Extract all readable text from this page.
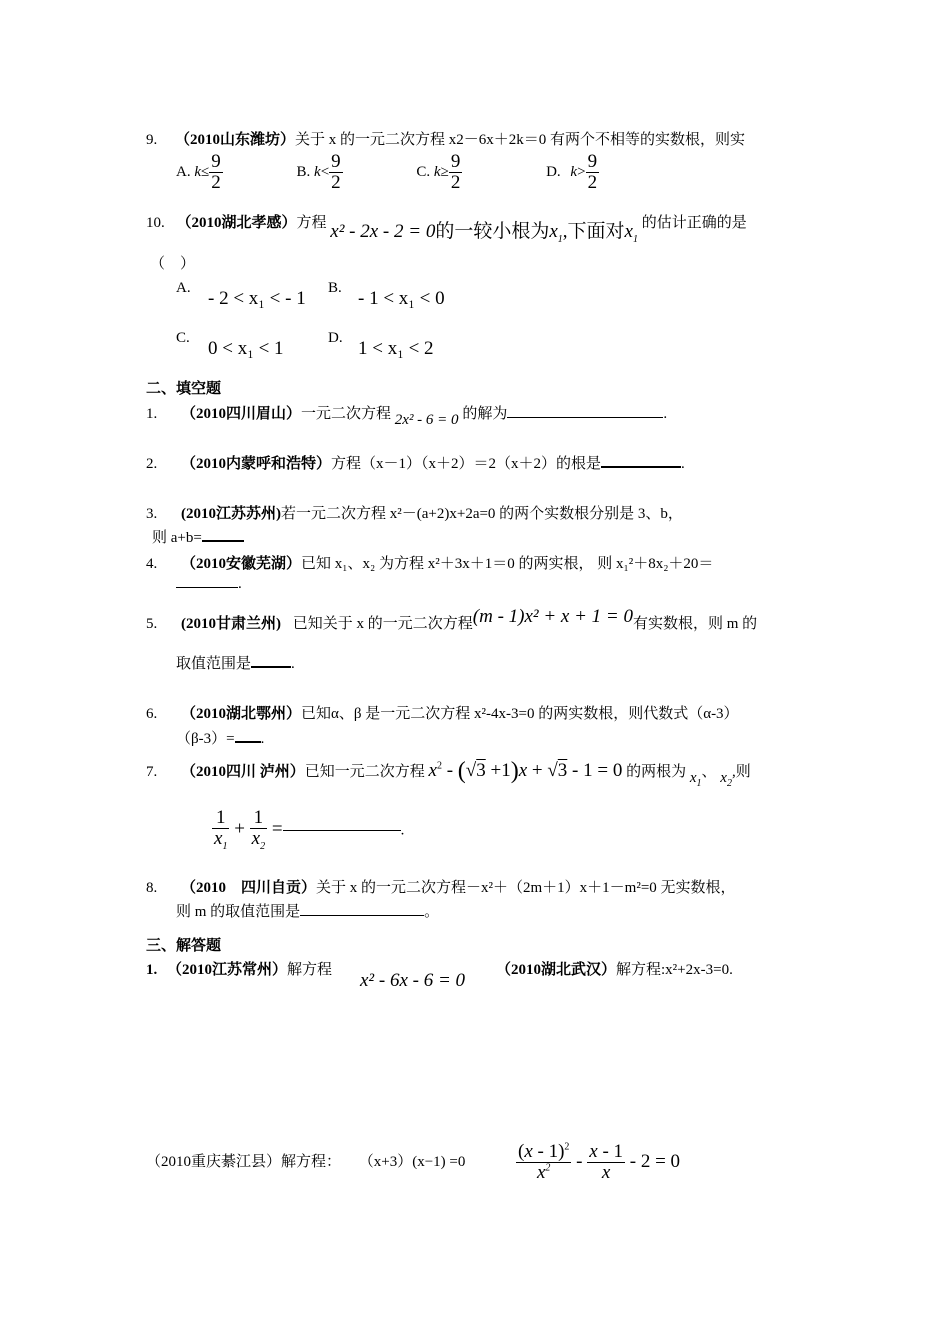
9. （2010山东潍坊）关于 x 的一元二次方程 x2－6x＋2k＝0 有两个不相等的实数根，则实
A. $k\le \frac{9}{2}$	B. $k< \frac{9}{2}$	C. $k\ge \frac{9}{2}$	D. $k> \frac{9}{2}$
10. （2010湖北孝感）方程 x² - 2x - 2 = 0的一较小根为$x_1$,下面对$x_1$ 的估计正确的是
（　）
A. - 2 < x₁ < - 1 B. - 1 < x₁ < 0
C. 0 < x₁ < 1	D. 1 < x₁ < 2
二、填空题
1. （2010四川眉山）一元二次方程 2x² - 6 = 0 的解为	.
2. （2010内蒙呼和浩特）方程（x－1）（x＋2）＝2（x＋2）的根是	.
3. (2010江苏苏州)若一元二次方程 x²－(a+2)x+2a=0 的两个实数根分别是 3、b，
则 a+b=
4. （2010安徽芜湖）已知 x₁、x₂ 为方程 x²＋3x＋1＝0 的两实根， 则 x₁²＋8x₂＋20＝
.
5. (2010甘肃兰州) 已知关于 x 的一元二次方程(m - 1)x² + x + 1 = 0有实数根，则 m 的
取值范围是	.
6. （2010湖北鄂州）已知α、β 是一元二次方程 x²-4x-3=0 的两实数根，则代数式（α-3）
（β-3）= .
7. （2010四川 泸州）已知一元二次方程 $x^2 - (√3 +1)x + √3 - 1 = 0$ 的两根为 $x_1$、 $x_2$,则
$\frac{1}{x_1} + \frac{1}{x_2}$ =	.
8. （2010　四川自贡）关于 x 的一元二次方程－x²＋（2m＋1）x＋1－m²=0 无实数根，
则 m 的取值范围是	。
三、解答题
1. （2010江苏常州）解方程 x² - 6x - 6 = 0 （2010湖北武汉）解方程:x²+2x-3=0.
（2010重庆綦江县）解方程： （x+3）(x−1) =0	$\frac{(x - 1)^2}{x^2} - \frac{x - 1}{x} - 2 = 0$
